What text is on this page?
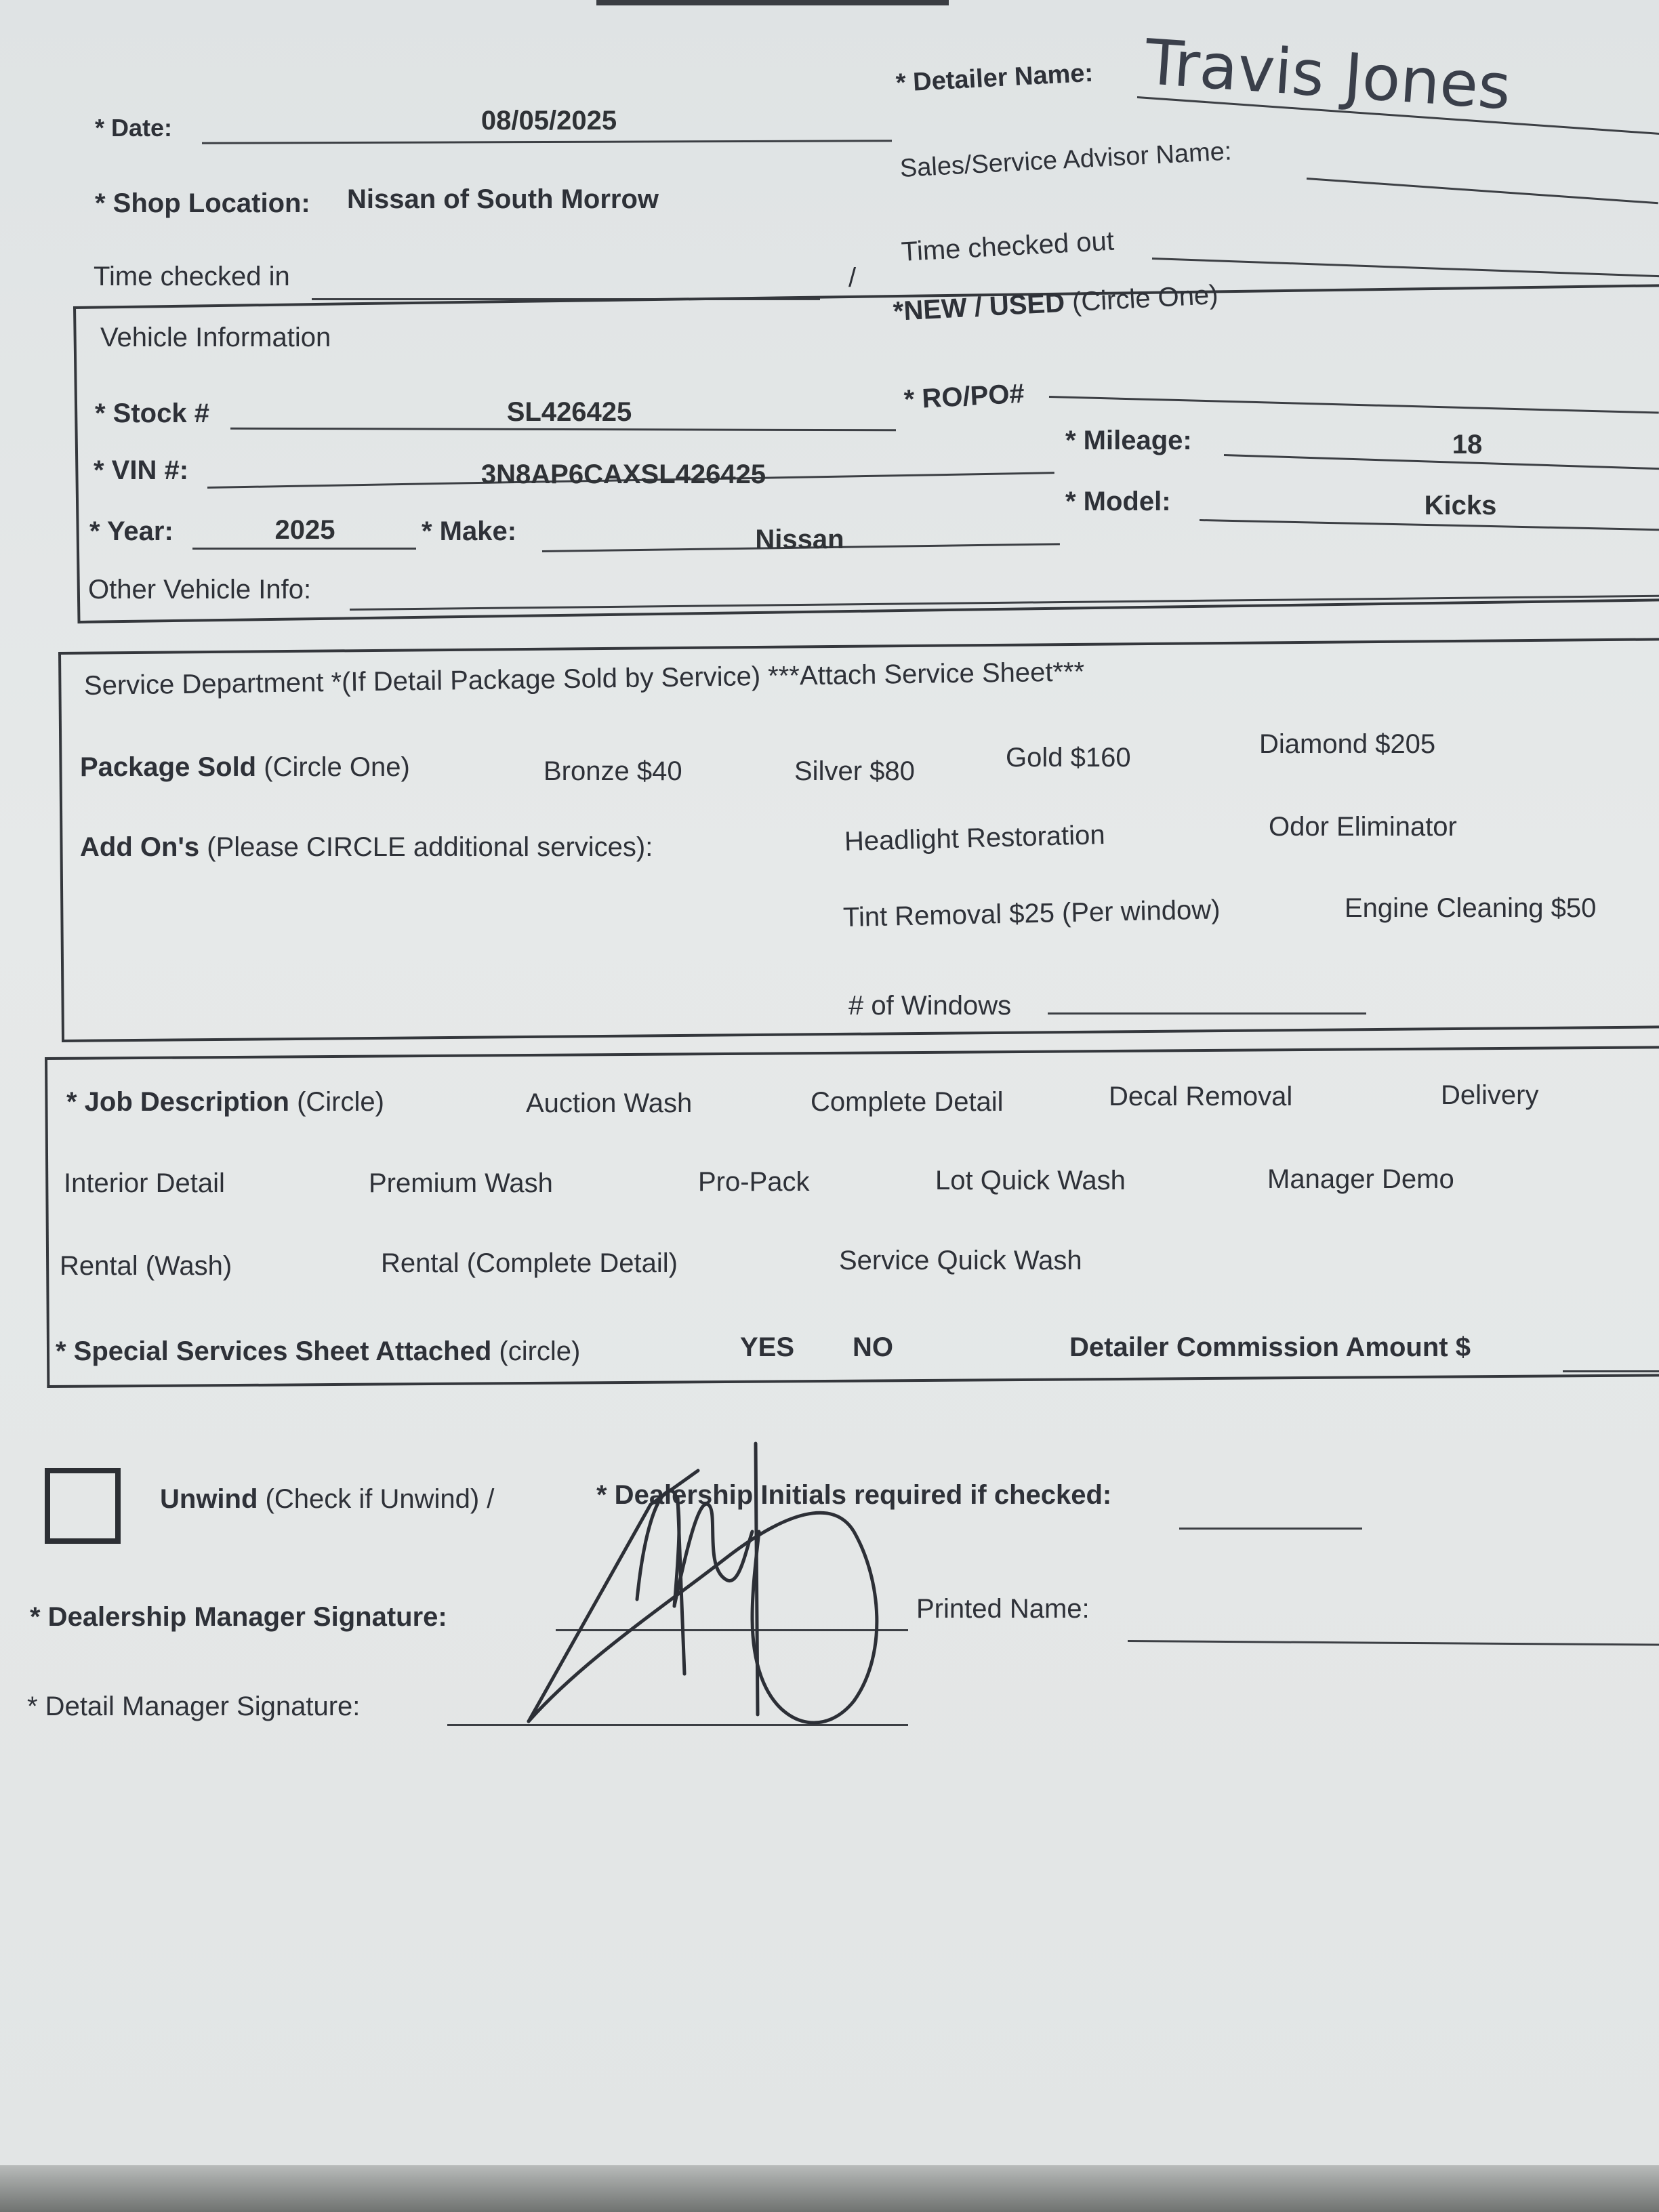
* Date:	08/05/2025
* Shop Location: Nissan of South Morrow
Time checked in	/
* Detailer Name: Travis Jones
Sales/Service Advisor Name:
Time checked out
Vehicle Information
*NEW / USED (Circle One)
* Stock #	SL426425	* RO/PO#
* VIN #:	3N8AP6CAXSL426425
* Mileage:	18
* Year:	2025	* Make:	Nissan
* Model:	Kicks
Other Vehicle Info:
Service Department *(If Detail Package Sold by Service) ***Attach Service Sheet***
Package Sold (Circle One)	Bronze $40	Silver $80	Gold $160	Diamond $205
Add On's (Please CIRCLE additional services):	Headlight Restoration	Odor Eliminator
Tint Removal $25 (Per window)	Engine Cleaning $50
# of Windows
* Job Description (Circle)	Auction Wash	Complete Detail	Decal Removal	Delivery
Interior Detail	Premium Wash	Pro-Pack	Lot Quick Wash	Manager Demo
Rental (Wash)	Rental (Complete Detail)	Service Quick Wash
* Special Services Sheet Attached (circle)	YES NO	Detailer Commission Amount $
Unwind (Check if Unwind) /	* Dealership Initials required if checked:
* Dealership Manager Signature:	Printed Name:
* Detail Manager Signature:
